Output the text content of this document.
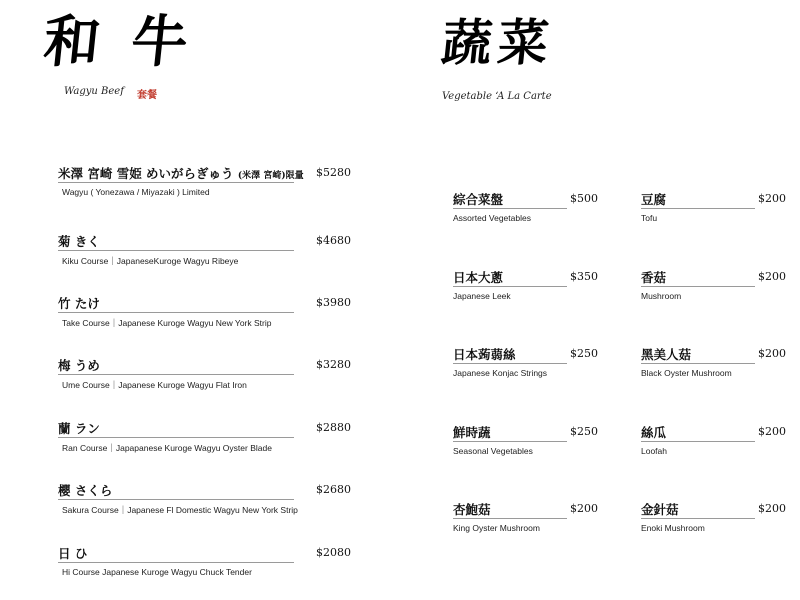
和 牛
Wagyu Beef 套餐
蔬菜
Vegetable ‘A La Carte
米澤 宮崎 雪姫 めいがらぎゅう (米澤 宮崎)限量 $5280
Wagyu ( Yonezawa / Miyazaki ) Limited
菊 きく	$4680
Kiku Course｜JapaneseKuroge Wagyu Ribeye
竹 たけ	$3980
Take Course｜Japanese Kuroge Wagyu New York Strip
梅 うめ	$3280
Ume Course｜Japanese Kuroge Wagyu Flat Iron
蘭 ラン	$2880
Ran Course｜Japapanese Kuroge Wagyu Oyster Blade
櫻 さくら	$2680
Sakura Course｜Japanese Fl Domestic Wagyu New York Strip
日 ひ	$2080
Hi Course Japanese Kuroge Wagyu Chuck Tender
綜合菜盤	$500
Assorted Vegetables
日本大蔥	$350
Japanese Leek
日本蒟蒻絲	$250
Japanese Konjac Strings
鮮時蔬	$250
Seasonal Vegetables
杏鮑菇	$200
King Oyster Mushroom
豆腐	$200
Tofu
香菇	$200
Mushroom
黑美人菇	$200
Black Oyster Mushroom
絲瓜	$200
Loofah
金針菇	$200
Enoki Mushroom
